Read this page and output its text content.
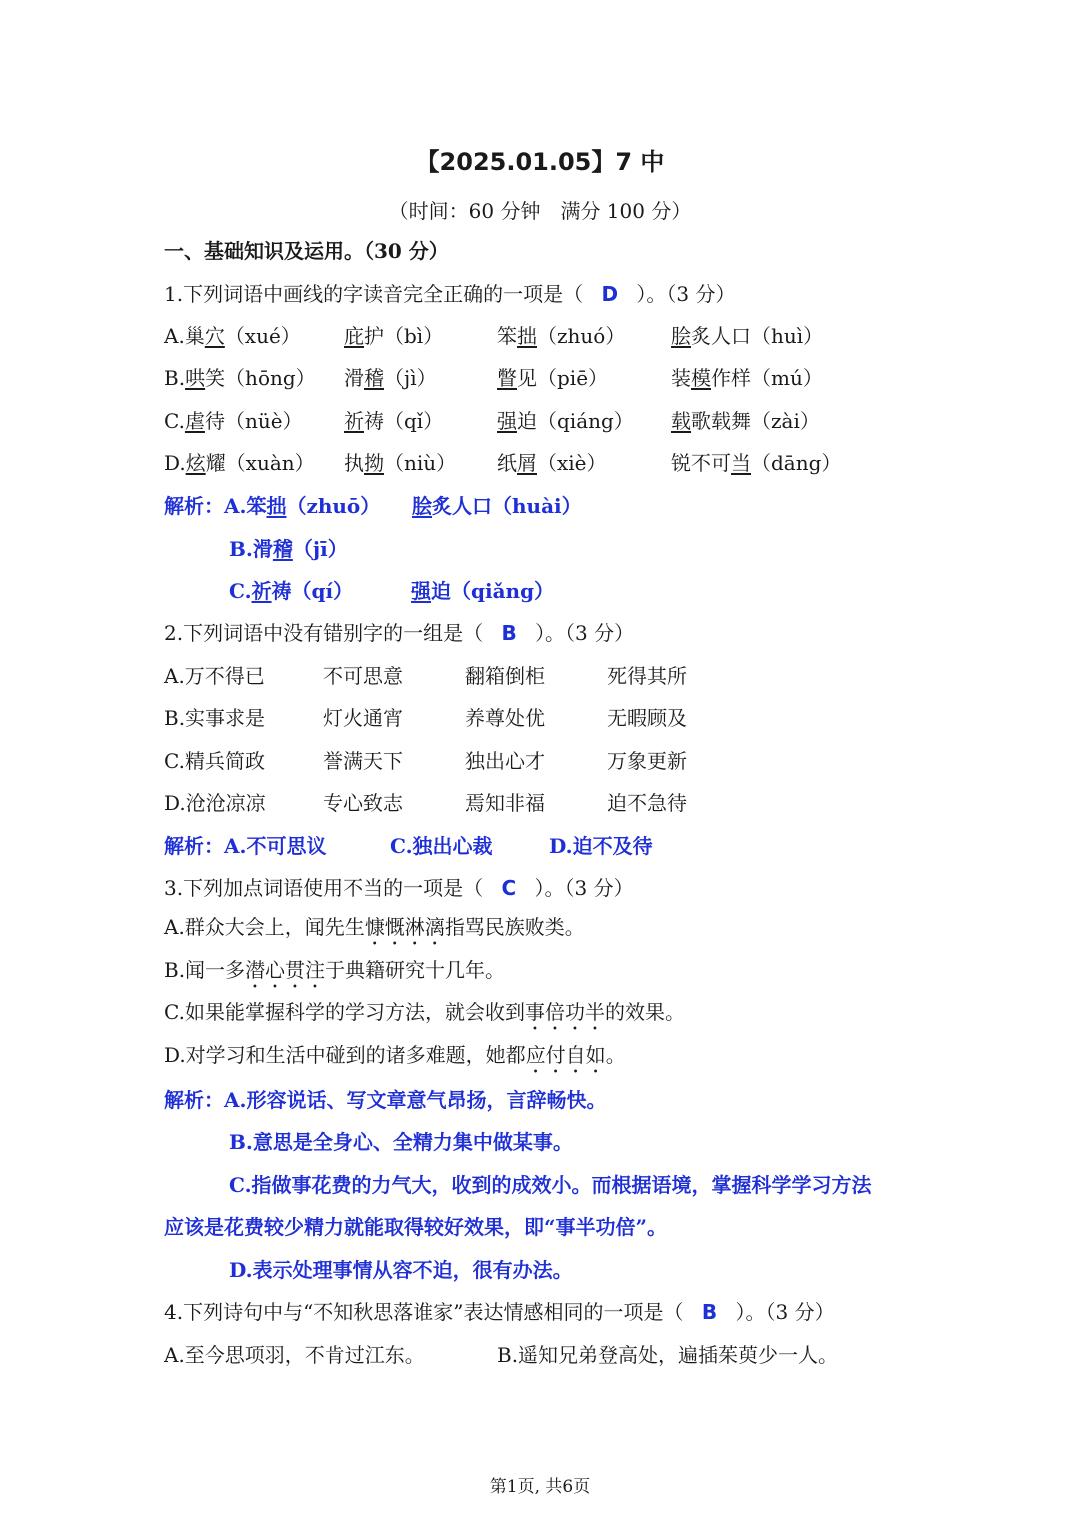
【2025.01.05】7 中
（时间：60 分钟　满分 100 分）
一、基础知识及运用。（30 分）
1.下列词语中画线的字读音完全正确的一项是（ D ）。（3 分）
A.巢穴（xué） 庇护（bì）	笨拙（zhuó） 脍炙人口（huì）
B.哄笑（hōng） 滑稽（jì）	瞥见（piē）	装模作样（mú）
C.虐待（nüè） 祈祷（qǐ）	强迫（qiáng） 载歌载舞（zài）
D.炫耀（xuàn） 执拗（niù） 纸屑（xiè）	锐不可当（dāng）
解析：A.笨拙（zhuō） 脍炙人口（huài）
B.滑稽（jī）
C.祈祷（qí）	强迫（qiǎng）
2.下列词语中没有错别字的一组是（ B ）。（3 分）
A.万不得已	不可思意	翻箱倒柜	死得其所
B.实事求是	灯火通宵	养尊处优	无暇顾及
C.精兵简政	誉满天下	独出心才	万象更新
D.沧沧凉凉	专心致志	焉知非福	迫不急待
解析：A.不可思议	C.独出心裁	D.迫不及待
3.下列加点词语使用不当的一项是（ C ）。（3 分）
A.群众大会上，闻先生慷慨淋漓指骂民族败类。
B.闻一多潜心贯注于典籍研究十几年。
C.如果能掌握科学的学习方法，就会收到事倍功半的效果。
D.对学习和生活中碰到的诸多难题，她都应付自如。
解析：A.形容说话、写文章意气昂扬，言辞畅快。
B.意思是全身心、全精力集中做某事。
C.指做事花费的力气大，收到的成效小。而根据语境，掌握科学学习方法
应该是花费较少精力就能取得较好效果，即“事半功倍”。
D.表示处理事情从容不迫，很有办法。
4.下列诗句中与“不知秋思落谁家”表达情感相同的一项是（ B ）。（3 分）
A.至今思项羽，不肯过江东。	B.遥知兄弟登高处，遍插茱萸少一人。
第1页, 共6页
